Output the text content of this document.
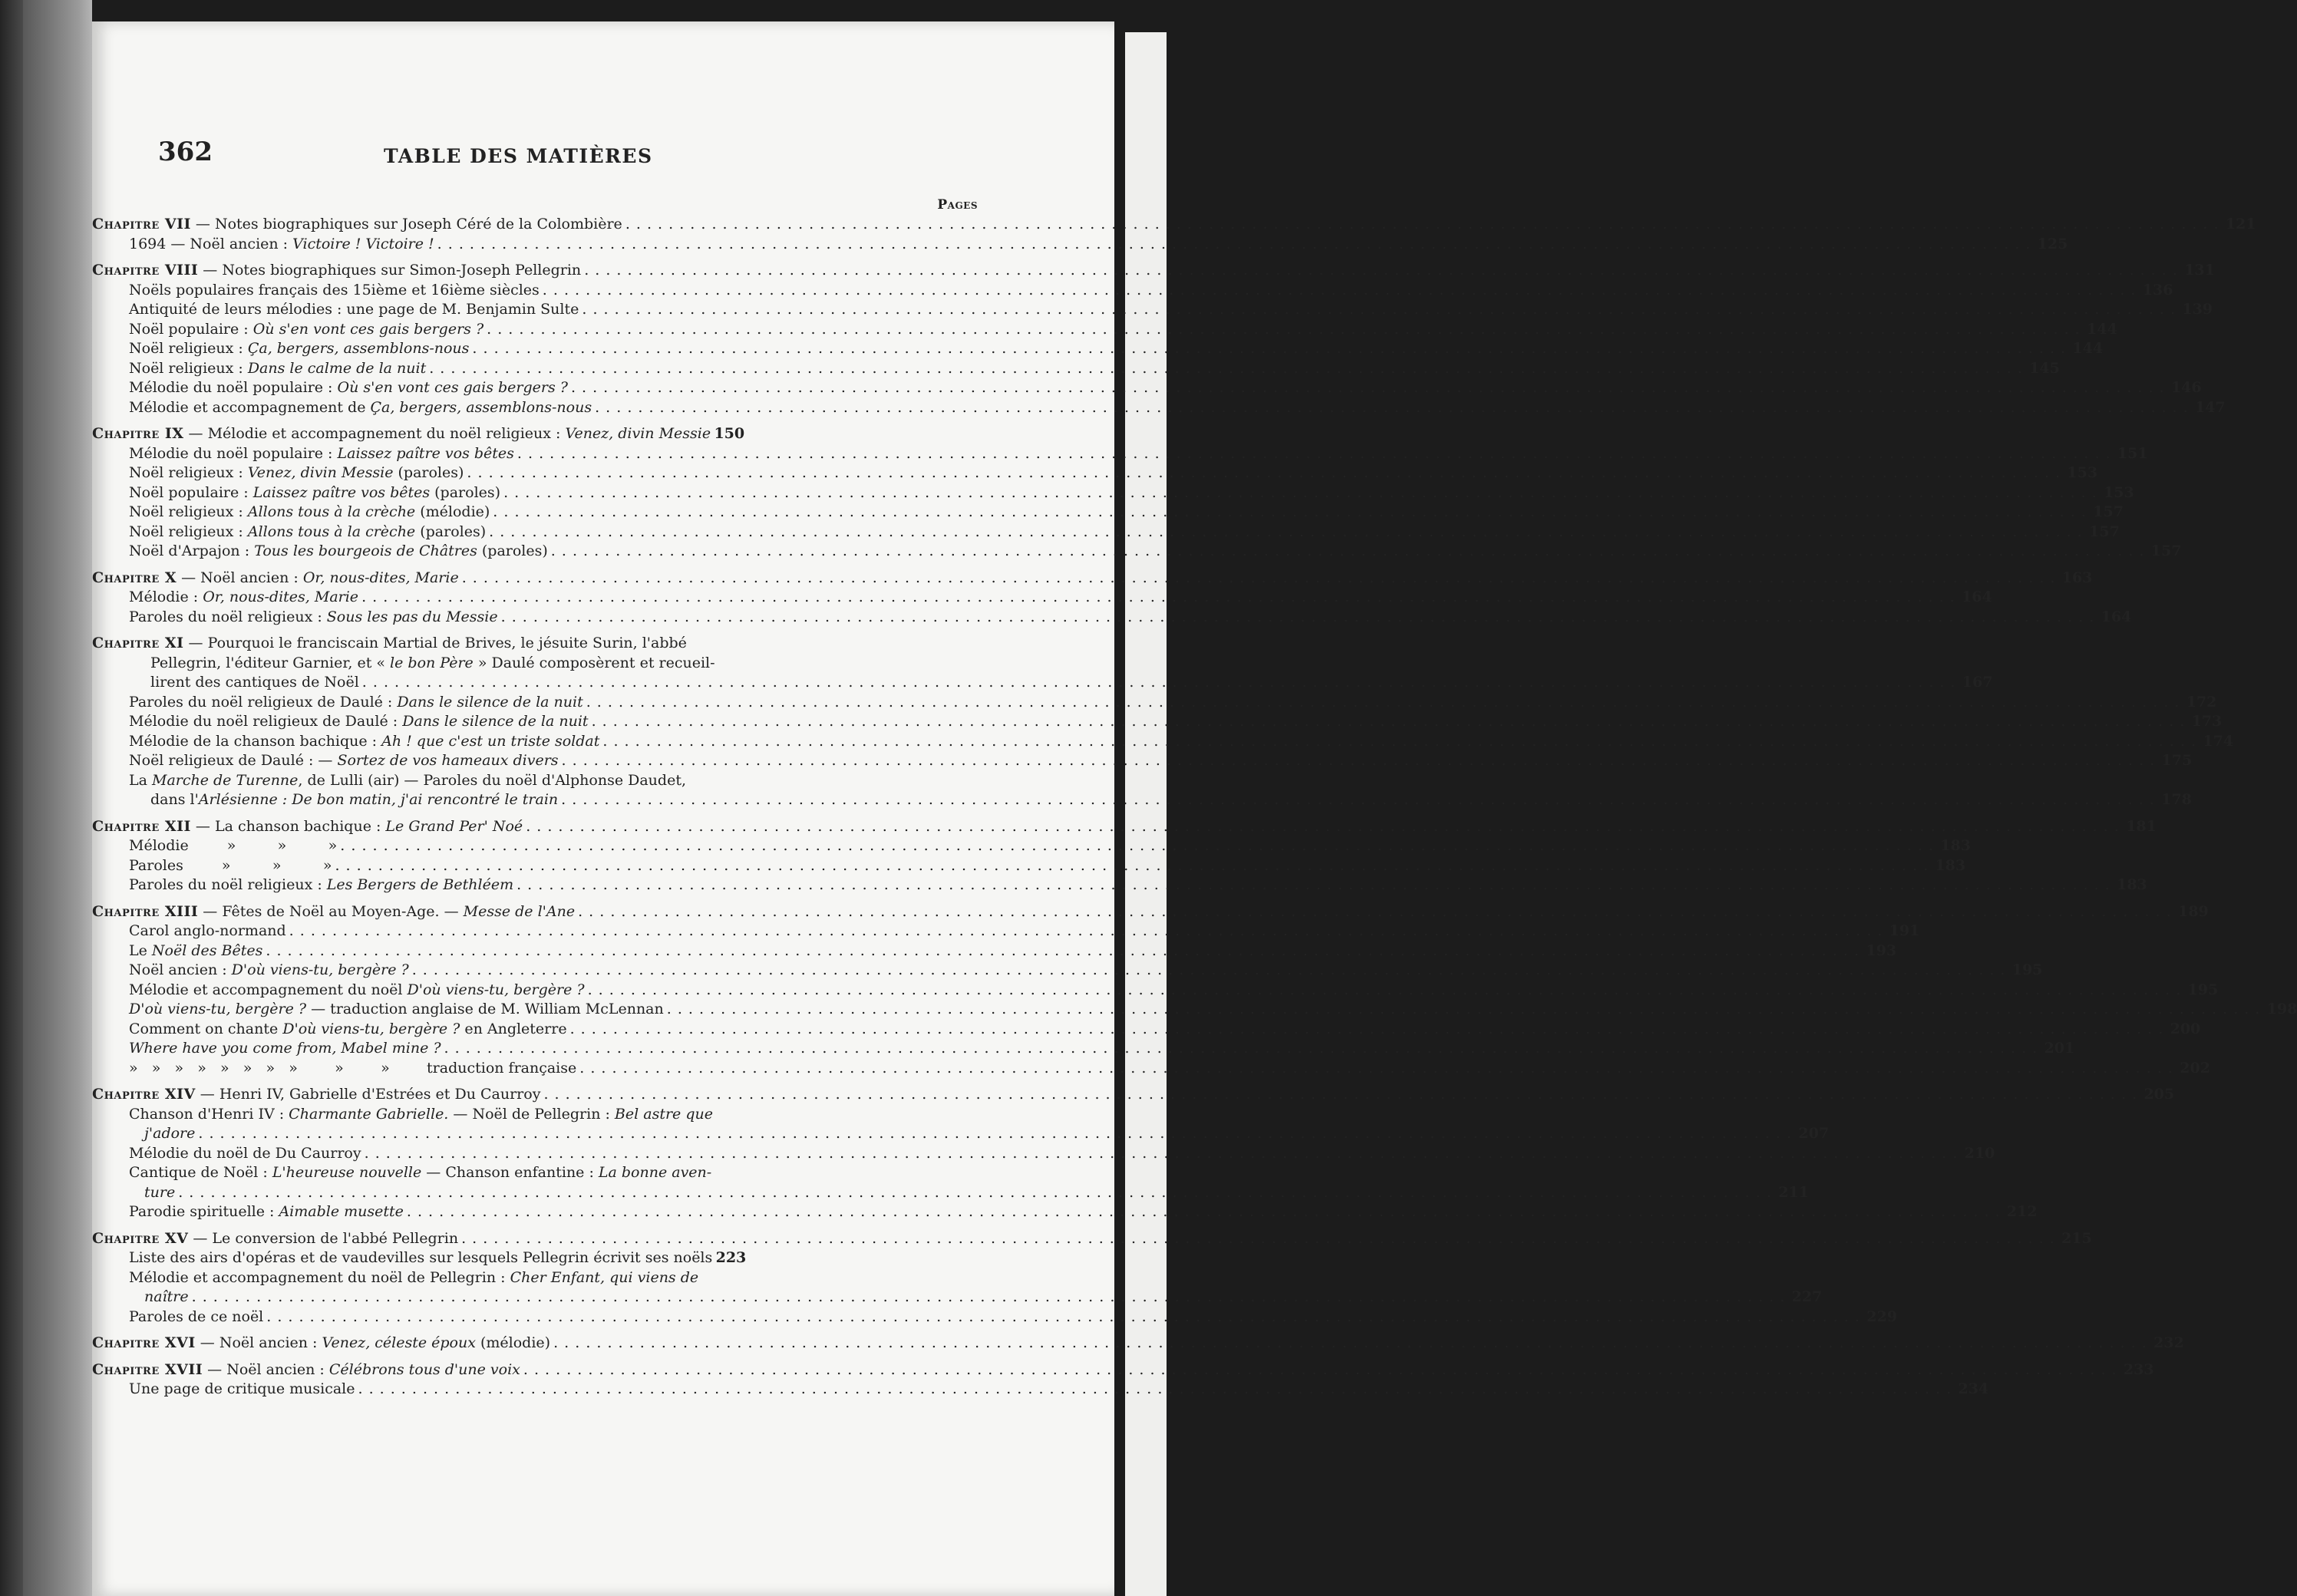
362	TABLE DES MATIÈRES
Pages
Chapitre VII — Notes biographiques sur Joseph Céré de la Colombière . . .	121
1694 — Noël ancien : Victoire ! Victoire ! . . .	125
Chapitre VIII — Notes biographiques sur Simon-Joseph Pellegrin . . .	131
Noëls populaires français des 15ième et 16ième siècles . . .	136
Antiquité de leurs mélodies : une page de M. Benjamin Sulte . . .	139
Noël populaire : Où s'en vont ces gais bergers ? . . .	144
Noël religieux : Ça, bergers, assemblons-nous . . .	144
Noël religieux : Dans le calme de la nuit . . .	145
Mélodie du noël populaire : Où s'en vont ces gais bergers ? . . .	146
Mélodie et accompagnement de Ça, bergers, assemblons-nous . . .	147
Chapitre IX — Mélodie et accompagnement du noël religieux : Venez, divin Messie 150
Mélodie du noël populaire : Laissez paître vos bêtes . . .	151
Noël religieux : Venez, divin Messie (paroles) . . .	153
Noël populaire : Laissez paître vos bêtes (paroles) . . .	153
Noël religieux : Allons tous à la crèche (mélodie) . . .	157
Noël religieux : Allons tous à la crèche (paroles) . . .	157
Noël d'Arpajon : Tous les bourgeois de Châtres (paroles) . . .	157
Chapitre X — Noël ancien : Or, nous-dites, Marie . . .	163
Mélodie : Or, nous-dites, Marie . . .	164
Paroles du noël religieux : Sous les pas du Messie . . .	164
Chapitre XI — Pourquoi le franciscain Martial de Brives, le jésuite Surin, l'abbé
Pellegrin, l'éditeur Garnier, et « le bon Père » Daulé composèrent et recueil-
lirent des cantiques de Noël . . .	167
Paroles du noël religieux de Daulé : Dans le silence de la nuit . . .	172
Mélodie du noël religieux de Daulé : Dans le silence de la nuit . . .	173
Mélodie de la chanson bachique : Ah ! que c'est un triste soldat . . .	174
Noël religieux de Daulé : — Sortez de vos hameaux divers . . .	175
La Marche de Turenne, de Lulli (air) — Paroles du noël d'Alphonse Daudet,
dans l'Arlésienne : De bon matin, j'ai rencontré le train . . .	178
Chapitre XII — La chanson bachique : Le Grand Per' Noé . . .	181
Mélodie	»         »         » . . .	183
Paroles	»         »         » . . .	183
Paroles du noël religieux : Les Bergers de Bethléem . . .	183
Chapitre XIII — Fêtes de Noël au Moyen-Age. — Messe de l'Ane . . .	189
Carol anglo-normand . . .	191
Le Noël des Bêtes . . .	193
Noël ancien : D'où viens-tu, bergère ? . . .	195
Mélodie et accompagnement du noël D'où viens-tu, bergère ? . . .	195
D'où viens-tu, bergère ? — traduction anglaise de M. William McLennan . . .	198
Comment on chante D'où viens-tu, bergère ? en Angleterre . . .	200
Where have you come from, Mabel mine ? . . .	201
»   »   »   »   »   »   »   »        »        »        traduction française . . .	202
Chapitre XIV — Henri IV, Gabrielle d'Estrées et Du Caurroy . . .	205
Chanson d'Henri IV : Charmante Gabrielle. — Noël de Pellegrin : Bel astre que
j'adore . . .	207
Mélodie du noël de Du Caurroy . . .	210
Cantique de Noël : L'heureuse nouvelle — Chanson enfantine : La bonne aven-
ture . . .	211
Parodie spirituelle : Aimable musette . . .	212
Chapitre XV — Le conversion de l'abbé Pellegrin . . .	215
Liste des airs d'opéras et de vaudevilles sur lesquels Pellegrin écrivit ses noëls 223
Mélodie et accompagnement du noël de Pellegrin : Cher Enfant, qui viens de
naître . . .	227
Paroles de ce noël . . .	229
Chapitre XVI — Noël ancien : Venez, céleste époux (mélodie) . . .	232
Chapitre XVII — Noël ancien : Célébrons tous d'une voix . . .	233
Une page de critique musicale . . .	234
